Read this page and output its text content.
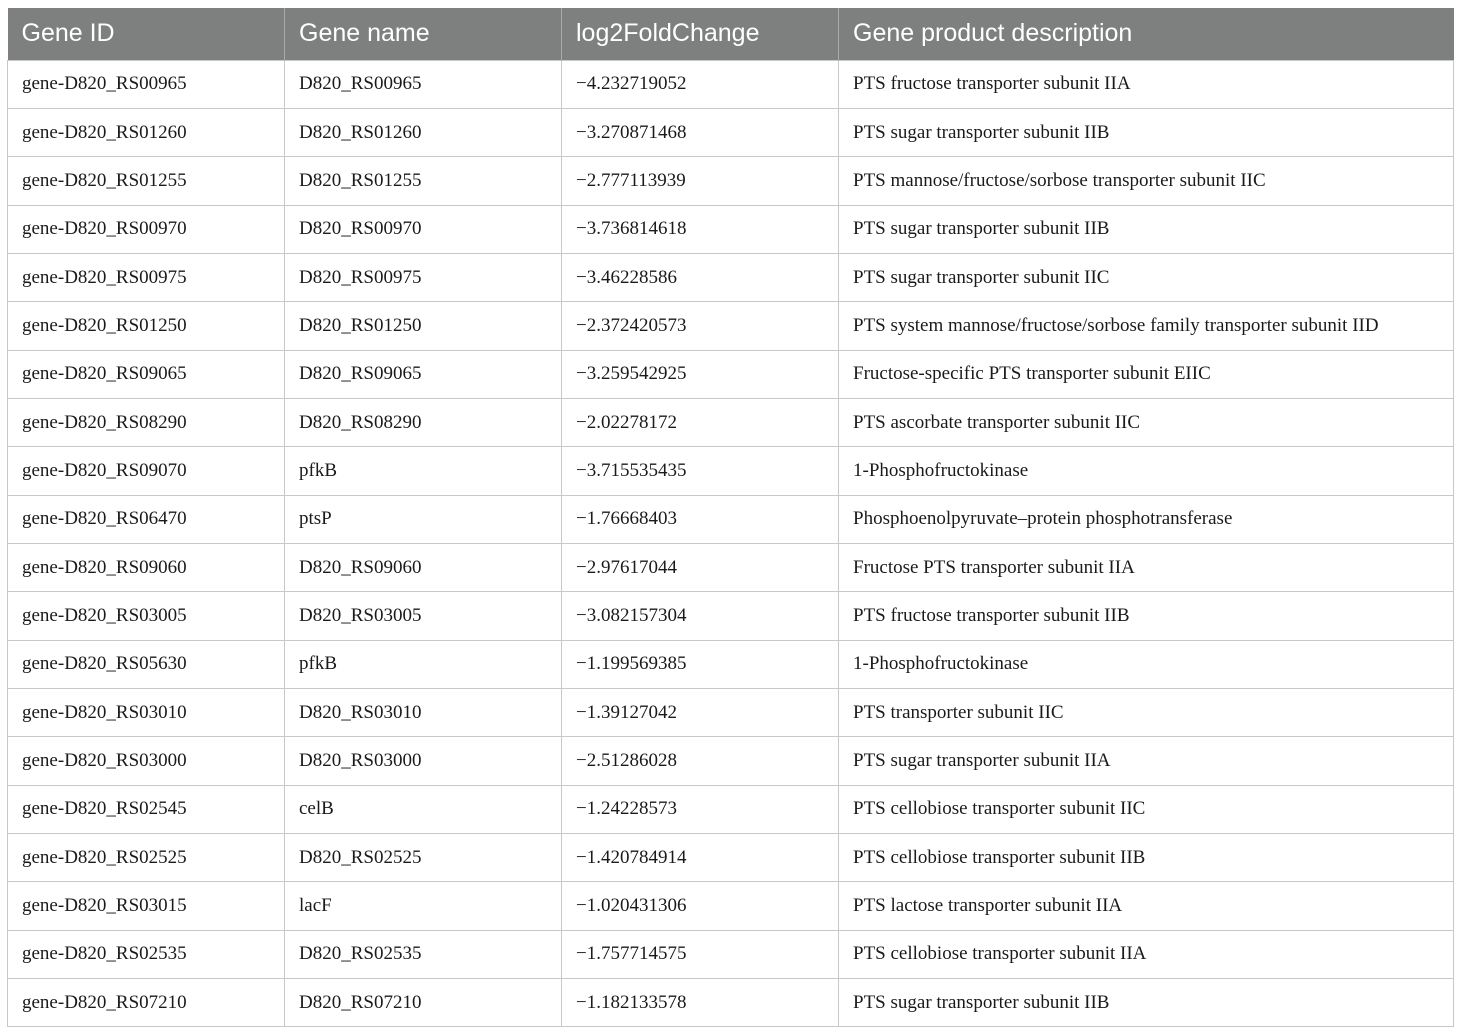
Gene ID	Gene name	log2FoldChange	Gene product description
gene-D820_RS00965	D820_RS00965	−4.232719052	PTS fructose transporter subunit IIA
gene-D820_RS01260	D820_RS01260	−3.270871468	PTS sugar transporter subunit IIB
gene-D820_RS01255	D820_RS01255	−2.777113939	PTS mannose/fructose/sorbose transporter subunit IIC
gene-D820_RS00970	D820_RS00970	−3.736814618	PTS sugar transporter subunit IIB
gene-D820_RS00975	D820_RS00975	−3.46228586	PTS sugar transporter subunit IIC
gene-D820_RS01250	D820_RS01250	−2.372420573	PTS system mannose/fructose/sorbose family transporter subunit IID
gene-D820_RS09065	D820_RS09065	−3.259542925	Fructose-specific PTS transporter subunit EIIC
gene-D820_RS08290	D820_RS08290	−2.02278172	PTS ascorbate transporter subunit IIC
gene-D820_RS09070	pfkB	−3.715535435	1-Phosphofructokinase
gene-D820_RS06470	ptsP	−1.76668403	Phosphoenolpyruvate–protein phosphotransferase
gene-D820_RS09060	D820_RS09060	−2.97617044	Fructose PTS transporter subunit IIA
gene-D820_RS03005	D820_RS03005	−3.082157304	PTS fructose transporter subunit IIB
gene-D820_RS05630	pfkB	−1.199569385	1-Phosphofructokinase
gene-D820_RS03010	D820_RS03010	−1.39127042	PTS transporter subunit IIC
gene-D820_RS03000	D820_RS03000	−2.51286028	PTS sugar transporter subunit IIA
gene-D820_RS02545	celB	−1.24228573	PTS cellobiose transporter subunit IIC
gene-D820_RS02525	D820_RS02525	−1.420784914	PTS cellobiose transporter subunit IIB
gene-D820_RS03015	lacF	−1.020431306	PTS lactose transporter subunit IIA
gene-D820_RS02535	D820_RS02535	−1.757714575	PTS cellobiose transporter subunit IIA
gene-D820_RS07210	D820_RS07210	−1.182133578	PTS sugar transporter subunit IIB
